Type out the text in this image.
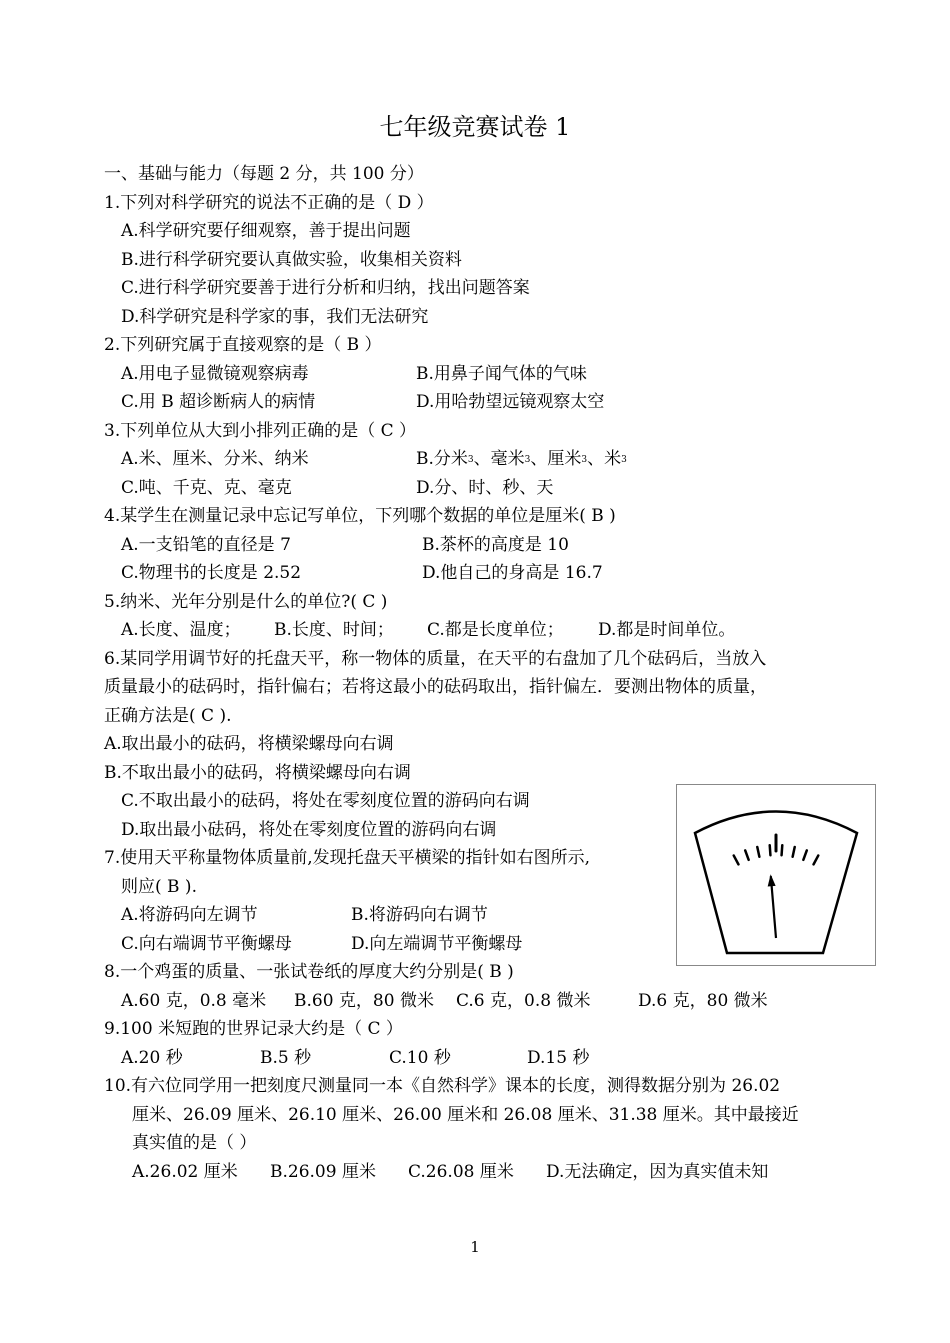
七年级竞赛试卷 1
一、基础与能力（每题 2 分，共 100 分）
1.下列对科学研究的说法不正确的是（ D ）
A.科学研究要仔细观察，善于提出问题
B.进行科学研究要认真做实验，收集相关资料
C.进行科学研究要善于进行分析和归纳，找出问题答案
D.科学研究是科学家的事，我们无法研究
2.下列研究属于直接观察的是（ B ）
A.用电子显微镜观察病毒	B.用鼻子闻气体的气味
C.用 B 超诊断病人的病情	D.用哈勃望远镜观察太空
3.下列单位从大到小排列正确的是（ C ）
A.米、厘米、分米、纳米	B.分米3、毫米3、厘米3、米3
C.吨、千克、克、毫克	D.分、时、秒、天
4.某学生在测量记录中忘记写单位，下列哪个数据的单位是厘米( B )
A.一支铅笔的直径是 7	B.茶杯的高度是 10
C.物理书的长度是 2.52	D.他自己的身高是 16.7
5.纳米、光年分别是什么的单位?( C )
A.长度、温度； B.长度、时间； C.都是长度单位； D.都是时间单位。
6.某同学用调节好的托盘天平，称一物体的质量，在天平的右盘加了几个砝码后，当放入
质量最小的砝码时，指针偏右；若将这最小的砝码取出，指针偏左．要测出物体的质量，
正确方法是( C ).
A.取出最小的砝码，将横梁螺母向右调
B.不取出最小的砝码，将横梁螺母向右调
C.不取出最小的砝码，将处在零刻度位置的游码向右调
D.取出最小砝码，将处在零刻度位置的游码向右调
7.使用天平称量物体质量前,发现托盘天平横梁的指针如右图所示,
则应( B ).
A.将游码向左调节	B.将游码向右调节
C.向右端调节平衡螺母	D.向左端调节平衡螺母
8.一个鸡蛋的质量、一张试卷纸的厚度大约分别是( B )
A.60 克，0.8 毫米 B.60 克，80 微米 C.6 克，0.8 微米	D.6 克，80 微米
9.100 米短跑的世界记录大约是（ C ）
A.20 秒	B.5 秒	C.10 秒	D.15 秒
10.有六位同学用一把刻度尺测量同一本《自然科学》课本的长度，测得数据分别为 26.02
厘米、26.09 厘米、26.10 厘米、26.00 厘米和 26.08 厘米、31.38 厘米。其中最接近
真实值的是（ ）
A.26.02 厘米 B.26.09 厘米 C.26.08 厘米 D.无法确定，因为真实值未知
1
